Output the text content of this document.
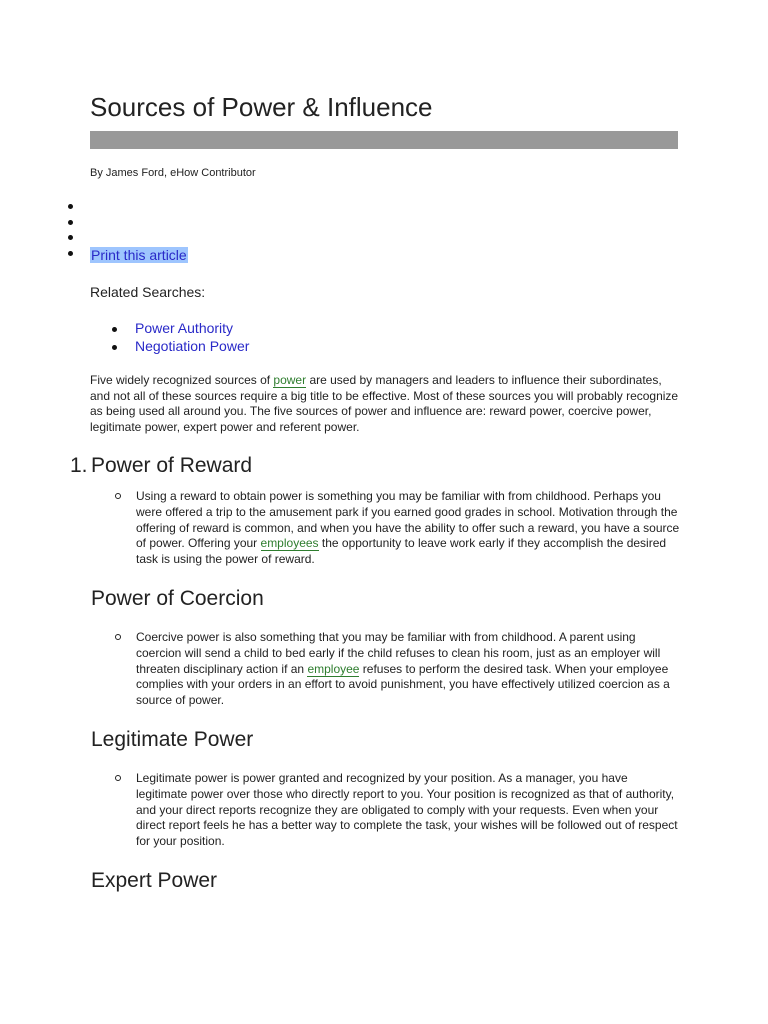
Sources of Power & Influence
By James Ford, eHow Contributor
Print this article
Related Searches:
Power Authority
Negotiation Power

Five widely recognized sources of power are used by managers and leaders to influence their subordinates, and not all of these sources require a big title to be effective. Most of these sources you will probably recognize as being used all around you. The five sources of power and influence are: reward power, coercive power, legitimate power, expert power and referent power.

1. Power of Reward
Using a reward to obtain power is something you may be familiar with from childhood. Perhaps you were offered a trip to the amusement park if you earned good grades in school. Motivation through the offering of reward is common, and when you have the ability to offer such a reward, you have a source of power. Offering your employees the opportunity to leave work early if they accomplish the desired task is using the power of reward.
Power of Coercion
Coercive power is also something that you may be familiar with from childhood. A parent using coercion will send a child to bed early if the child refuses to clean his room, just as an employer will threaten disciplinary action if an employee refuses to perform the desired task. When your employee complies with your orders in an effort to avoid punishment, you have effectively utilized coercion as a source of power.
Legitimate Power
Legitimate power is power granted and recognized by your position. As a manager, you have legitimate power over those who directly report to you. Your position is recognized as that of authority, and your direct reports recognize they are obligated to comply with your requests. Even when your direct report feels he has a better way to complete the task, your wishes will be followed out of respect for your position.
Expert Power
